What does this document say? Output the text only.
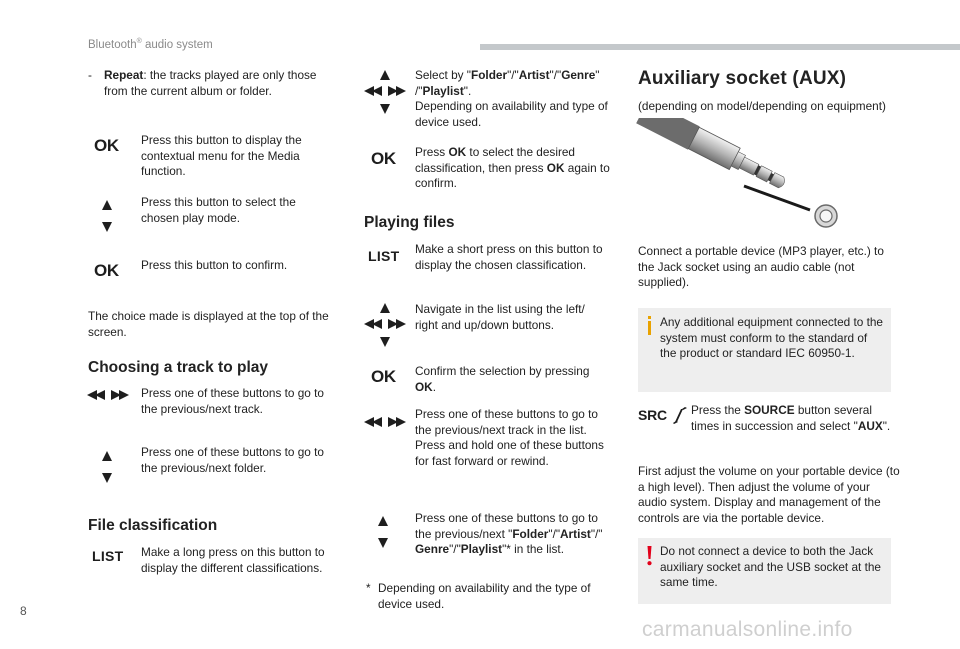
Bluetooth® audio system
-	Repeat: the tracks played are only those from the current album or folder.
OK Press this button to display the contextual menu for the Media function.
Press this button to select the chosen play mode.
OK Press this button to confirm.
The choice made is displayed at the top of the screen.
Choosing a track to play
Press one of these buttons to go to the previous/next track.
Press one of these buttons to go to the previous/next folder.
File classification
LIST Make a long press on this button to display the different classifications.
Select by "Folder"/"Artist"/"Genre"
/"Playlist".
Depending on availability and type of device used.
OK Press OK to select the desired classification, then press OK again to confirm.
Playing files
LIST Make a short press on this button to display the chosen classification.
Navigate in the list using the left/ right and up/down buttons.
OK Confirm the selection by pressing
OK.
Press one of these buttons to go to the previous/next track in the list. Press and hold one of these buttons for fast forward or rewind.
Press one of these buttons to go to the previous/next "Folder"/"Artist"/"
Genre"/"Playlist"* in the list.
* Depending on availability and the type of device used.
Auxiliary socket (AUX)
(depending on model/depending on equipment)
Connect a portable device (MP3 player, etc.) to the Jack socket using an audio cable (not supplied).
Any additional equipment connected to the system must conform to the standard of the product or standard IEC 60950-1.
SRC Press the SOURCE button several times in succession and select "AUX".
First adjust the volume on your portable device (to a high level). Then adjust the volume of your audio system. Display and management of the controls are via the portable device.
Do not connect a device to both the Jack auxiliary socket and the USB socket at the same time.
8
carmanualsonline.info
